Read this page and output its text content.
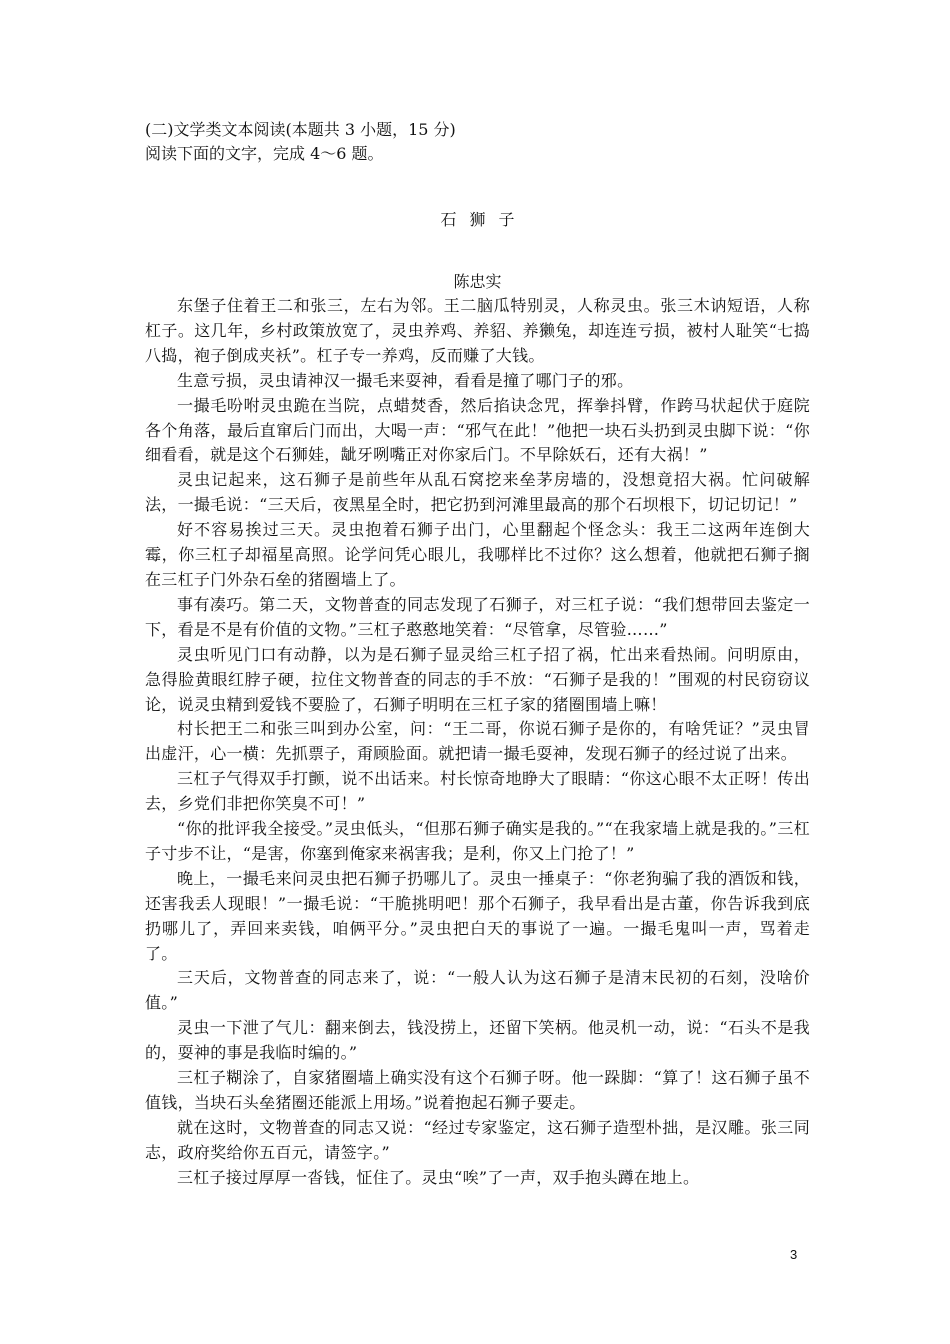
(二)文学类文本阅读(本题共 3 小题，15 分)

阅读下面的文字，完成 4～6 题。

石狮子

陈忠实

东堡子住着王二和张三，左右为邻。王二脑瓜特别灵，人称灵虫。张三木讷短语，人称杠子。这几年，乡村政策放宽了，灵虫养鸡、养貂、养獭兔，却连连亏损，被村人耻笑“七捣八捣，袍子倒成夹袄”。杠子专一养鸡，反而赚了大钱。

生意亏损，灵虫请神汉一撮毛来耍神，看看是撞了哪门子的邪。

一撮毛吩咐灵虫跪在当院，点蜡焚香，然后掐诀念咒，挥拳抖臂，作跨马状起伏于庭院各个角落，最后直窜后门而出，大喝一声：“邪气在此！”他把一块石头扔到灵虫脚下说：“你细看看，就是这个石狮娃，龇牙咧嘴正对你家后门。不早除妖石，还有大祸！”

灵虫记起来，这石狮子是前些年从乱石窝挖来垒茅房墙的，没想竟招大祸。忙问破解法，一撮毛说：“三天后，夜黑星全时，把它扔到河滩里最高的那个石坝根下，切记切记！”

好不容易挨过三天。灵虫抱着石狮子出门，心里翻起个怪念头：我王二这两年连倒大霉，你三杠子却福星高照。论学问凭心眼儿，我哪样比不过你？这么想着，他就把石狮子搁在三杠子门外杂石垒的猪圈墙上了。

事有凑巧。第二天，文物普查的同志发现了石狮子，对三杠子说：“我们想带回去鉴定一下，看是不是有价值的文物。”三杠子憨憨地笑着：“尽管拿，尽管验……”

灵虫听见门口有动静，以为是石狮子显灵给三杠子招了祸，忙出来看热闹。问明原由，急得脸黄眼红脖子硬，拉住文物普查的同志的手不放：“石狮子是我的！”围观的村民窃窃议论，说灵虫精到爱钱不要脸了，石狮子明明在三杠子家的猪圈围墙上嘛！

村长把王二和张三叫到办公室，问：“王二哥，你说石狮子是你的，有啥凭证？”灵虫冒出虚汗，心一横：先抓票子，甭顾脸面。就把请一撮毛耍神，发现石狮子的经过说了出来。

三杠子气得双手打颤，说不出话来。村长惊奇地睁大了眼睛：“你这心眼不太正呀！传出去，乡党们非把你笑臭不可！”

“你的批评我全接受。”灵虫低头，“但那石狮子确实是我的。”“在我家墙上就是我的。”三杠子寸步不让，“是害，你塞到俺家来祸害我；是利，你又上门抢了！”

晚上，一撮毛来问灵虫把石狮子扔哪儿了。灵虫一捶桌子：“你老狗骗了我的酒饭和钱，还害我丢人现眼！”一撮毛说：“干脆挑明吧！那个石狮子，我早看出是古董，你告诉我到底扔哪儿了，弄回来卖钱，咱俩平分。”灵虫把白天的事说了一遍。一撮毛鬼叫一声，骂着走了。

三天后，文物普查的同志来了，说：“一般人认为这石狮子是清末民初的石刻，没啥价值。”

灵虫一下泄了气儿：翻来倒去，钱没捞上，还留下笑柄。他灵机一动，说：“石头不是我的，耍神的事是我临时编的。”

三杠子糊涂了，自家猪圈墙上确实没有这个石狮子呀。他一跺脚：“算了！这石狮子虽不值钱，当块石头垒猪圈还能派上用场。”说着抱起石狮子要走。

就在这时，文物普查的同志又说：“经过专家鉴定，这石狮子造型朴拙，是汉雕。张三同志，政府奖给你五百元，请签字。”

三杠子接过厚厚一沓钱，怔住了。灵虫“唉”了一声，双手抱头蹲在地上。

3
